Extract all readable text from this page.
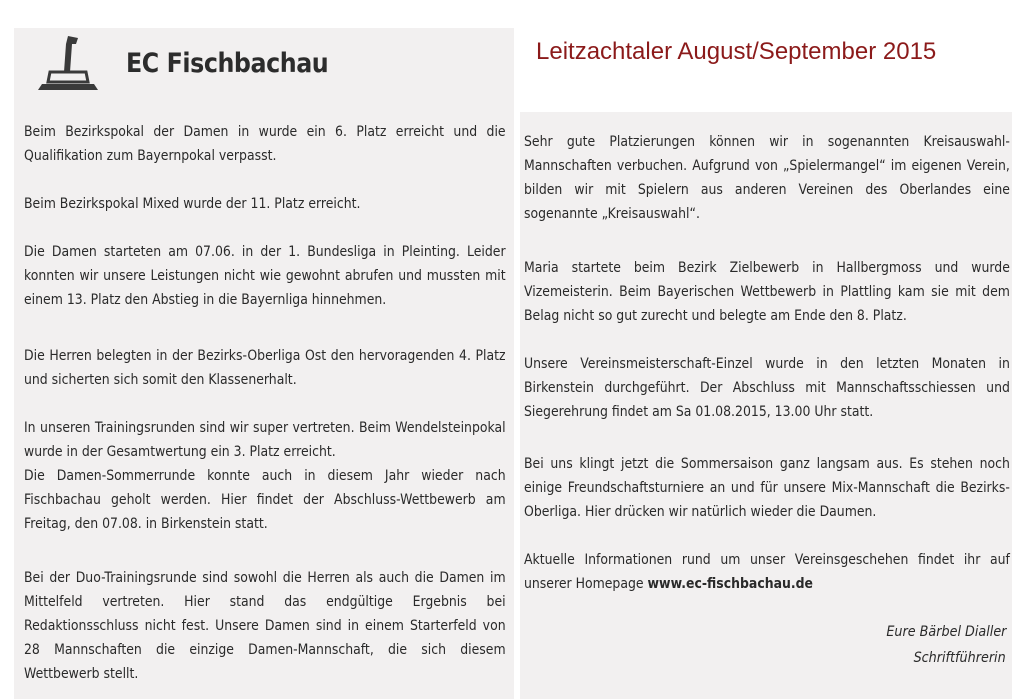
EC Fischbachau	Leitzachtaler August/September 2015

Beim Bezirkspokal der Damen in wurde ein 6. Platz erreicht und die Qualifikation zum Bayernpokal verpasst.

Beim Bezirkspokal Mixed wurde der 11. Platz erreicht.

Die Damen starteten am 07.06. in der 1. Bundesliga in Pleinting. Leider konnten wir unsere Leistungen nicht wie gewohnt abrufen und mussten mit einem 13. Platz den Abstieg in die Bayernliga hinnehmen.

Die Herren belegten in der Bezirks-Oberliga Ost den hervoragenden 4. Platz und sicherten sich somit den Klassenerhalt.

In unseren Trainingsrunden sind wir super vertreten. Beim Wendelsteinpokal wurde in der Gesamtwertung ein 3. Platz erreicht.

Die Damen-Sommerrunde konnte auch in diesem Jahr wieder nach Fischbachau geholt werden. Hier findet der Abschluss-Wettbewerb am Freitag, den 07.08. in Birkenstein statt.

Bei der Duo-Trainingsrunde sind sowohl die Herren als auch die Damen im Mittelfeld vertreten. Hier stand das endgültige Ergebnis bei Redaktionsschluss nicht fest. Unsere Damen sind in einem Starterfeld von 28 Mannschaften die einzige Damen-Mannschaft, die sich diesem Wettbewerb stellt.

Sehr gute Platzierungen können wir in sogenannten Kreisauswahl-Mannschaften verbuchen. Aufgrund von „Spielermangel“ im eigenen Verein, bilden wir mit Spielern aus anderen Vereinen des Oberlandes eine sogenannte „Kreisauswahl“.

Maria startete beim Bezirk Zielbewerb in Hallbergmoss und wurde Vizemeisterin. Beim Bayerischen Wettbewerb in Plattling kam sie mit dem Belag nicht so gut zurecht und belegte am Ende den 8. Platz.

Unsere Vereinsmeisterschaft-Einzel wurde in den letzten Monaten in Birkenstein durchgeführt. Der Abschluss mit Mannschaftsschiessen und Siegerehrung findet am Sa 01.08.2015, 13.00 Uhr statt.

Bei uns klingt jetzt die Sommersaison ganz langsam aus. Es stehen noch einige Freundschaftsturniere an und für unsere Mix-Mannschaft die Bezirks-Oberliga. Hier drücken wir natürlich wieder die Daumen.

Aktuelle Informationen rund um unser Vereinsgeschehen findet ihr auf unserer Homepage www.ec-fischbachau.de

Eure Bärbel Dialler
Schriftführerin
